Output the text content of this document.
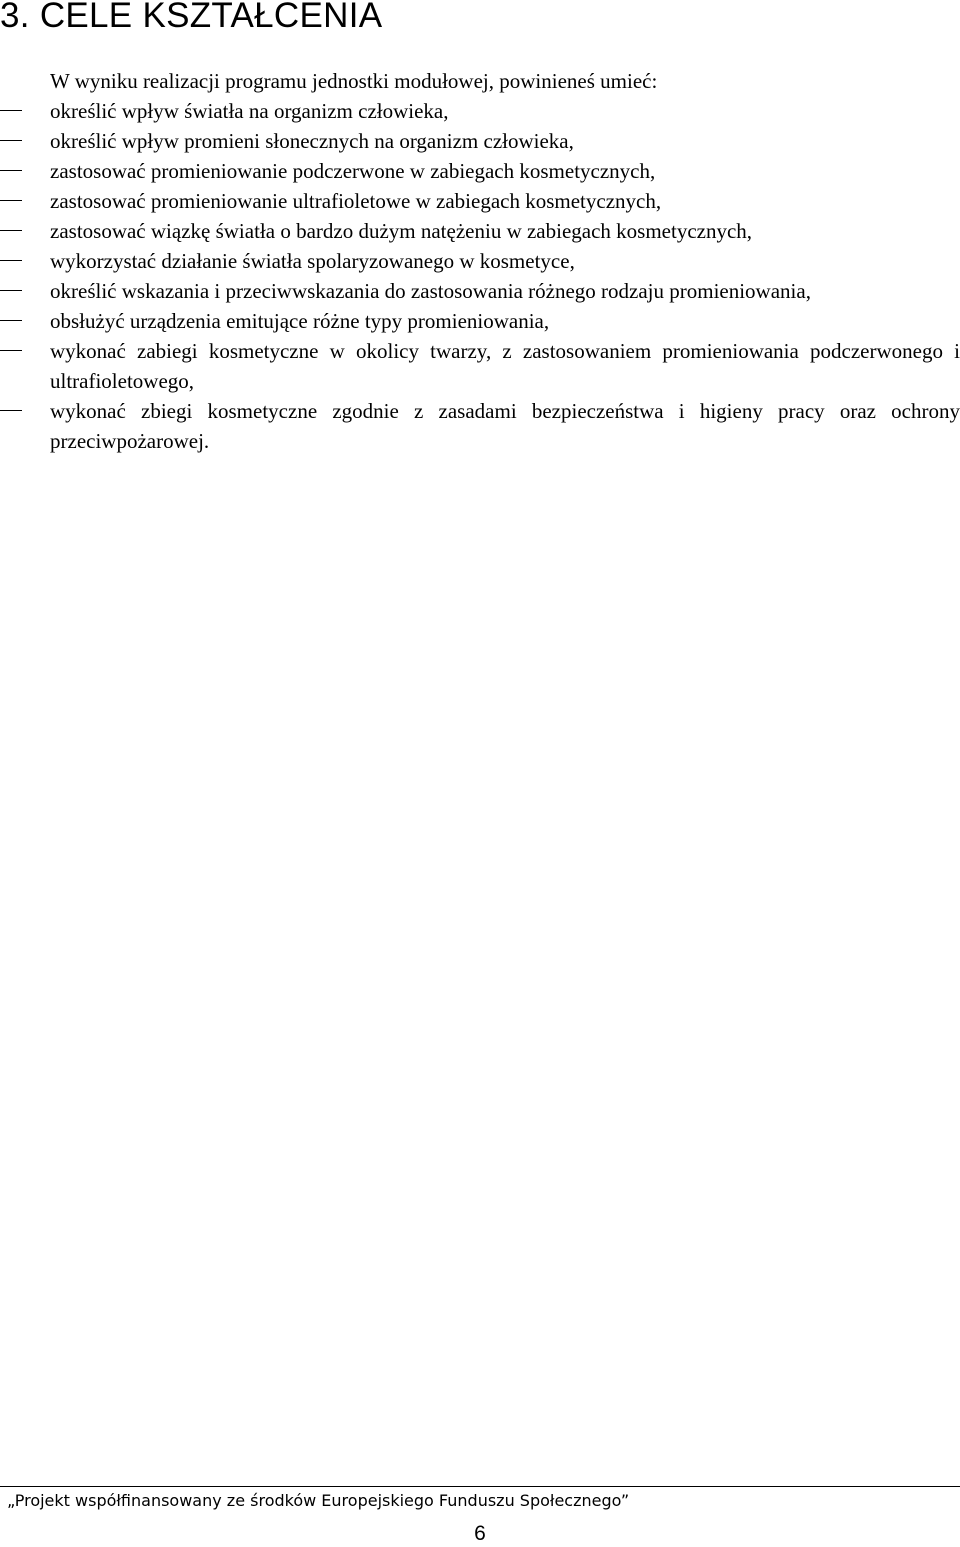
3. CELE KSZTAŁCENIA

W wyniku realizacji programu jednostki modułowej, powinieneś umieć:

określić wpływ światła na organizm człowieka,
określić wpływ promieni słonecznych na organizm człowieka,
zastosować promieniowanie podczerwone w zabiegach kosmetycznych,
zastosować promieniowanie ultrafioletowe w zabiegach kosmetycznych,
zastosować wiązkę światła o bardzo dużym natężeniu w zabiegach kosmetycznych,
wykorzystać działanie światła spolaryzowanego w kosmetyce,
określić wskazania i przeciwwskazania do zastosowania różnego rodzaju promieniowania,
obsłużyć urządzenia emitujące różne typy promieniowania,
wykonać zabiegi kosmetyczne w okolicy twarzy, z zastosowaniem promieniowania podczerwonego i ultrafioletowego,
wykonać zbiegi kosmetyczne zgodnie z zasadami bezpieczeństwa i higieny pracy oraz ochrony przeciwpożarowej.
„Projekt współfinansowany ze środków Europejskiego Funduszu Społecznego”
6
